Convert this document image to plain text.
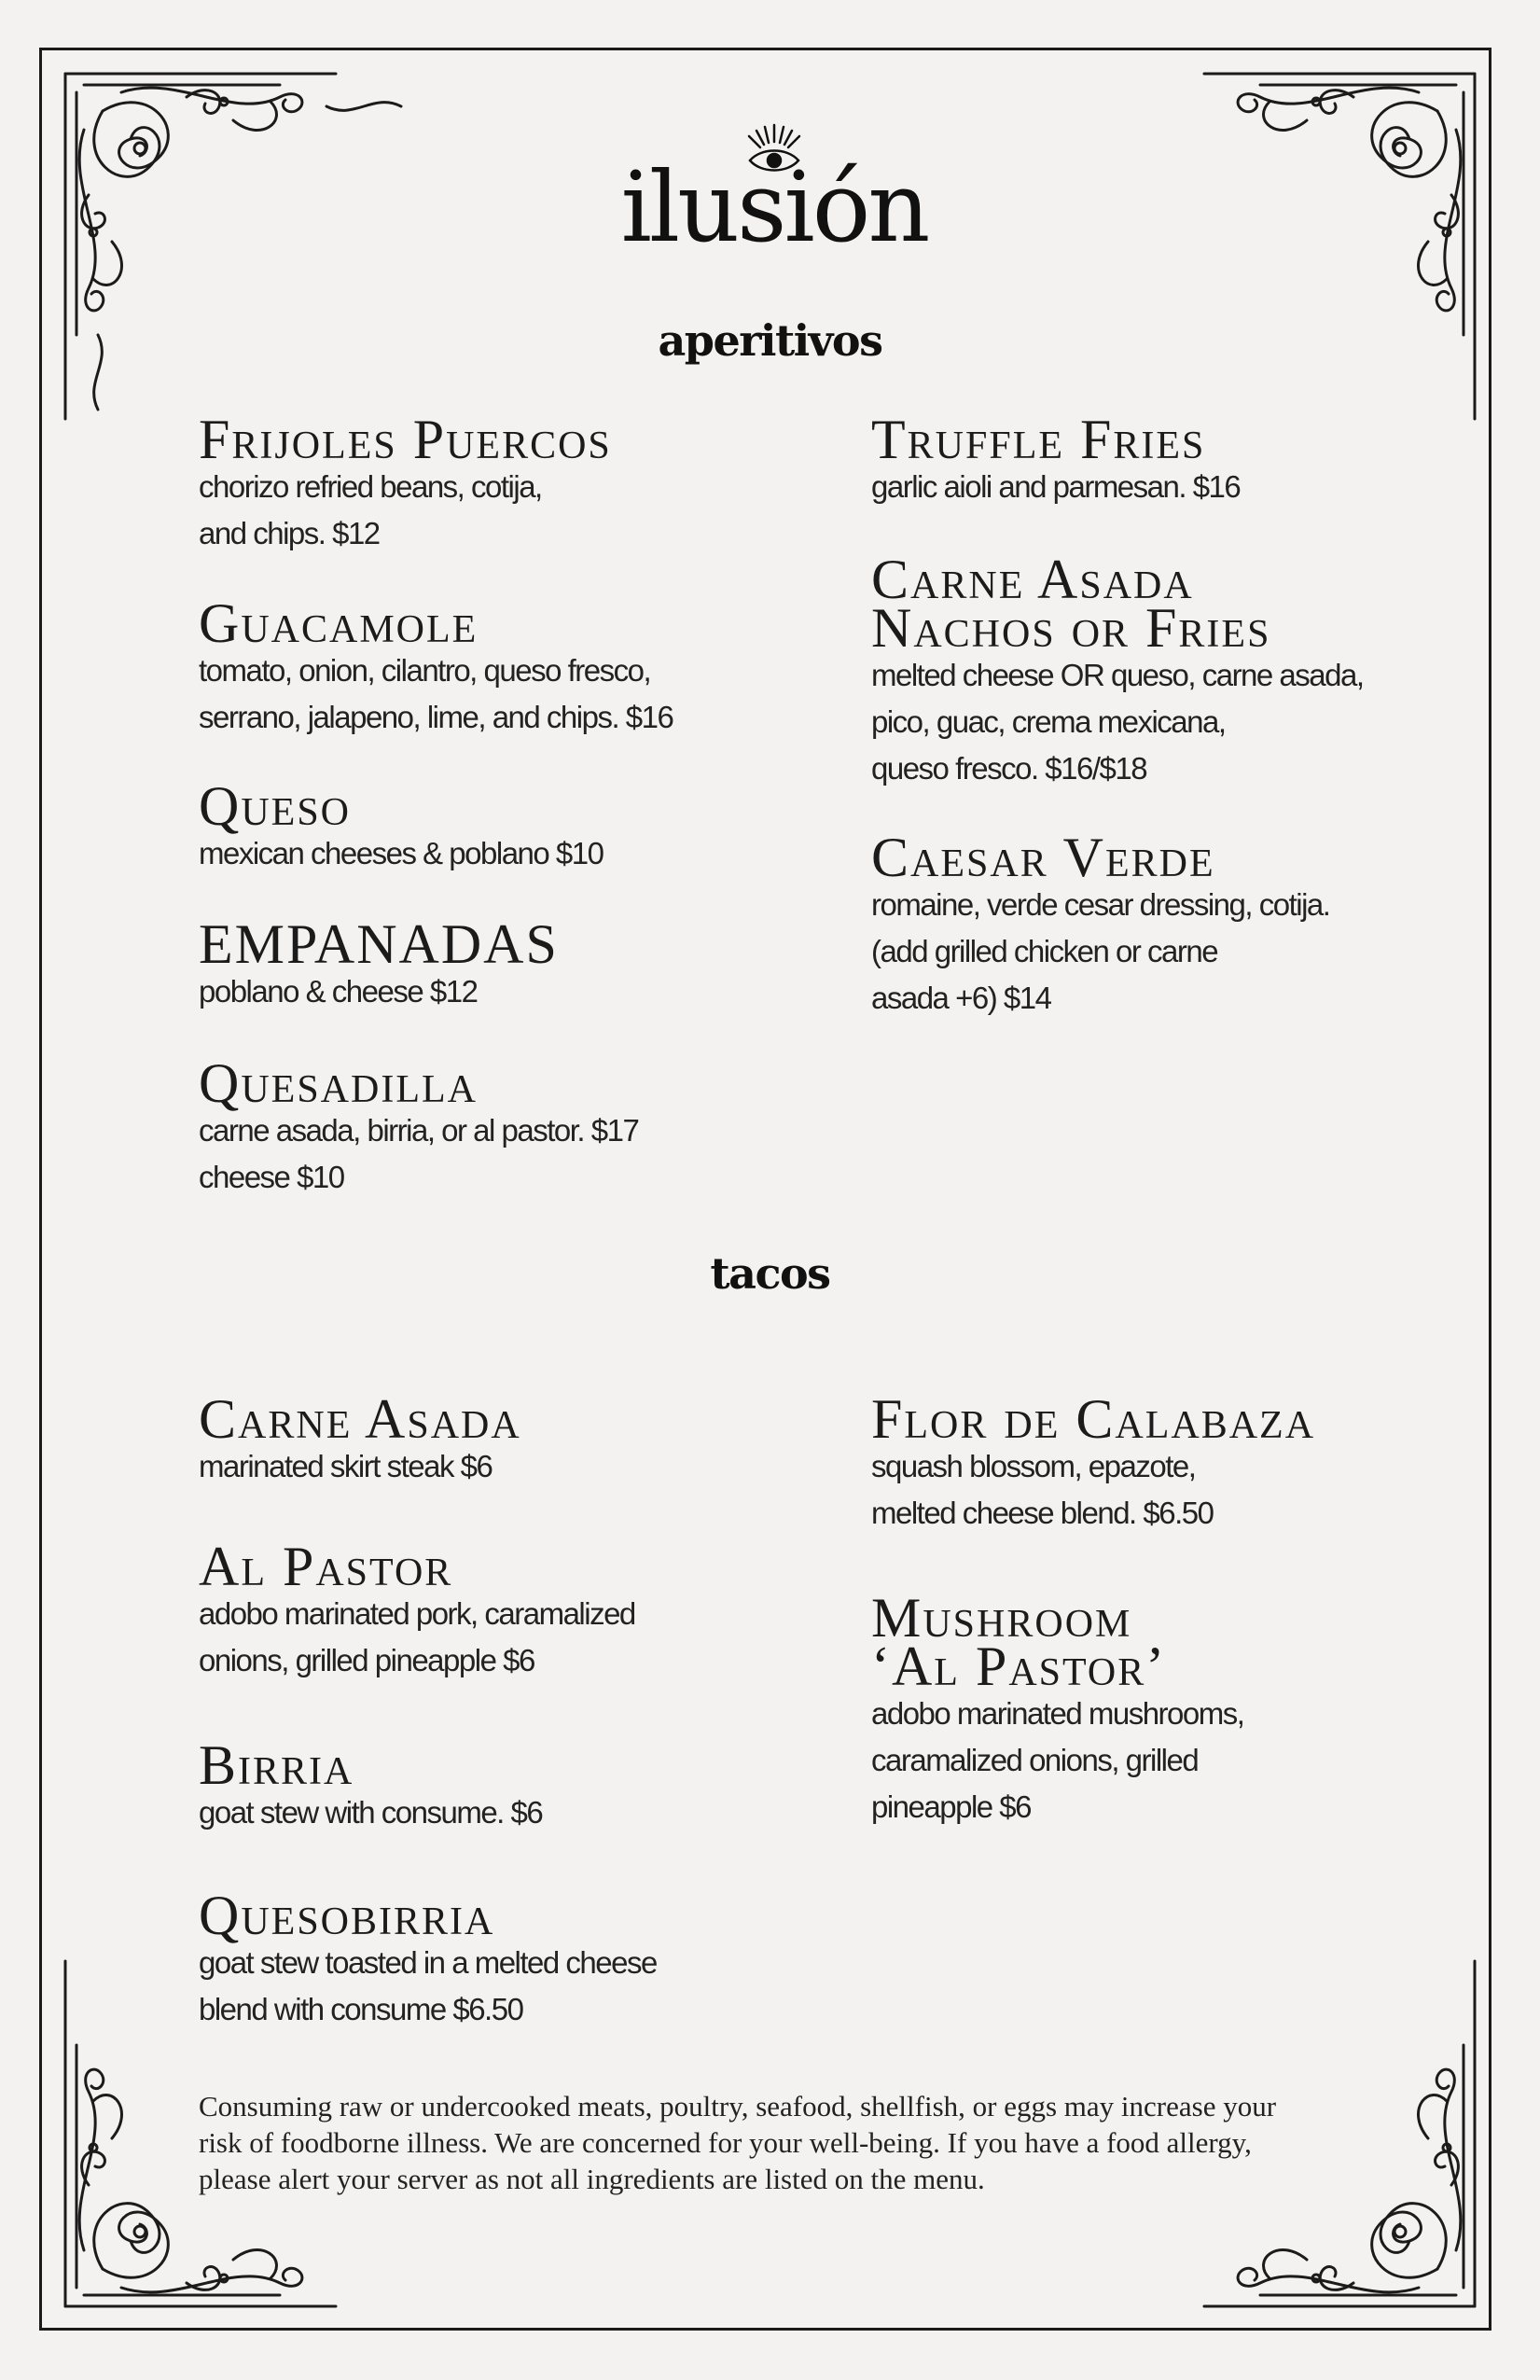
ilusión
aperitivos

Frijoles Puercos

chorizo refried beans, cotija,
and chips. $12

Guacamole

tomato, onion, cilantro, queso fresco,
serrano, jalapeno, lime, and chips. $16

Queso

mexican cheeses & poblano $10

EMPANADAS

poblano & cheese $12

Quesadilla

carne asada, birria, or al pastor. $17
cheese $10

Truffle Fries

garlic aioli and parmesan. $16

Carne Asada
Nachos or Fries

melted cheese OR queso, carne asada,
pico, guac, crema mexicana,
queso fresco. $16/$18

Caesar Verde

romaine, verde cesar dressing, cotija.
(add grilled chicken or carne
asada +6) $14

tacos

Carne Asada

marinated skirt steak $6

Al Pastor

adobo marinated pork, caramalized
onions, grilled pineapple $6

Birria

goat stew with consume. $6

Quesobirria

goat stew toasted in a melted cheese
blend with consume $6.50

Flor de Calabaza

squash blossom, epazote,
melted cheese blend. $6.50

Mushroom
‘Al Pastor’

adobo marinated mushrooms,
caramalized onions, grilled
pineapple $6

Consuming raw or undercooked meats, poultry, seafood, shellfish, or eggs may increase your
risk of foodborne illness. We are concerned for your well-being. If you have a food allergy,
please alert your server as not all ingredients are listed on the menu.
